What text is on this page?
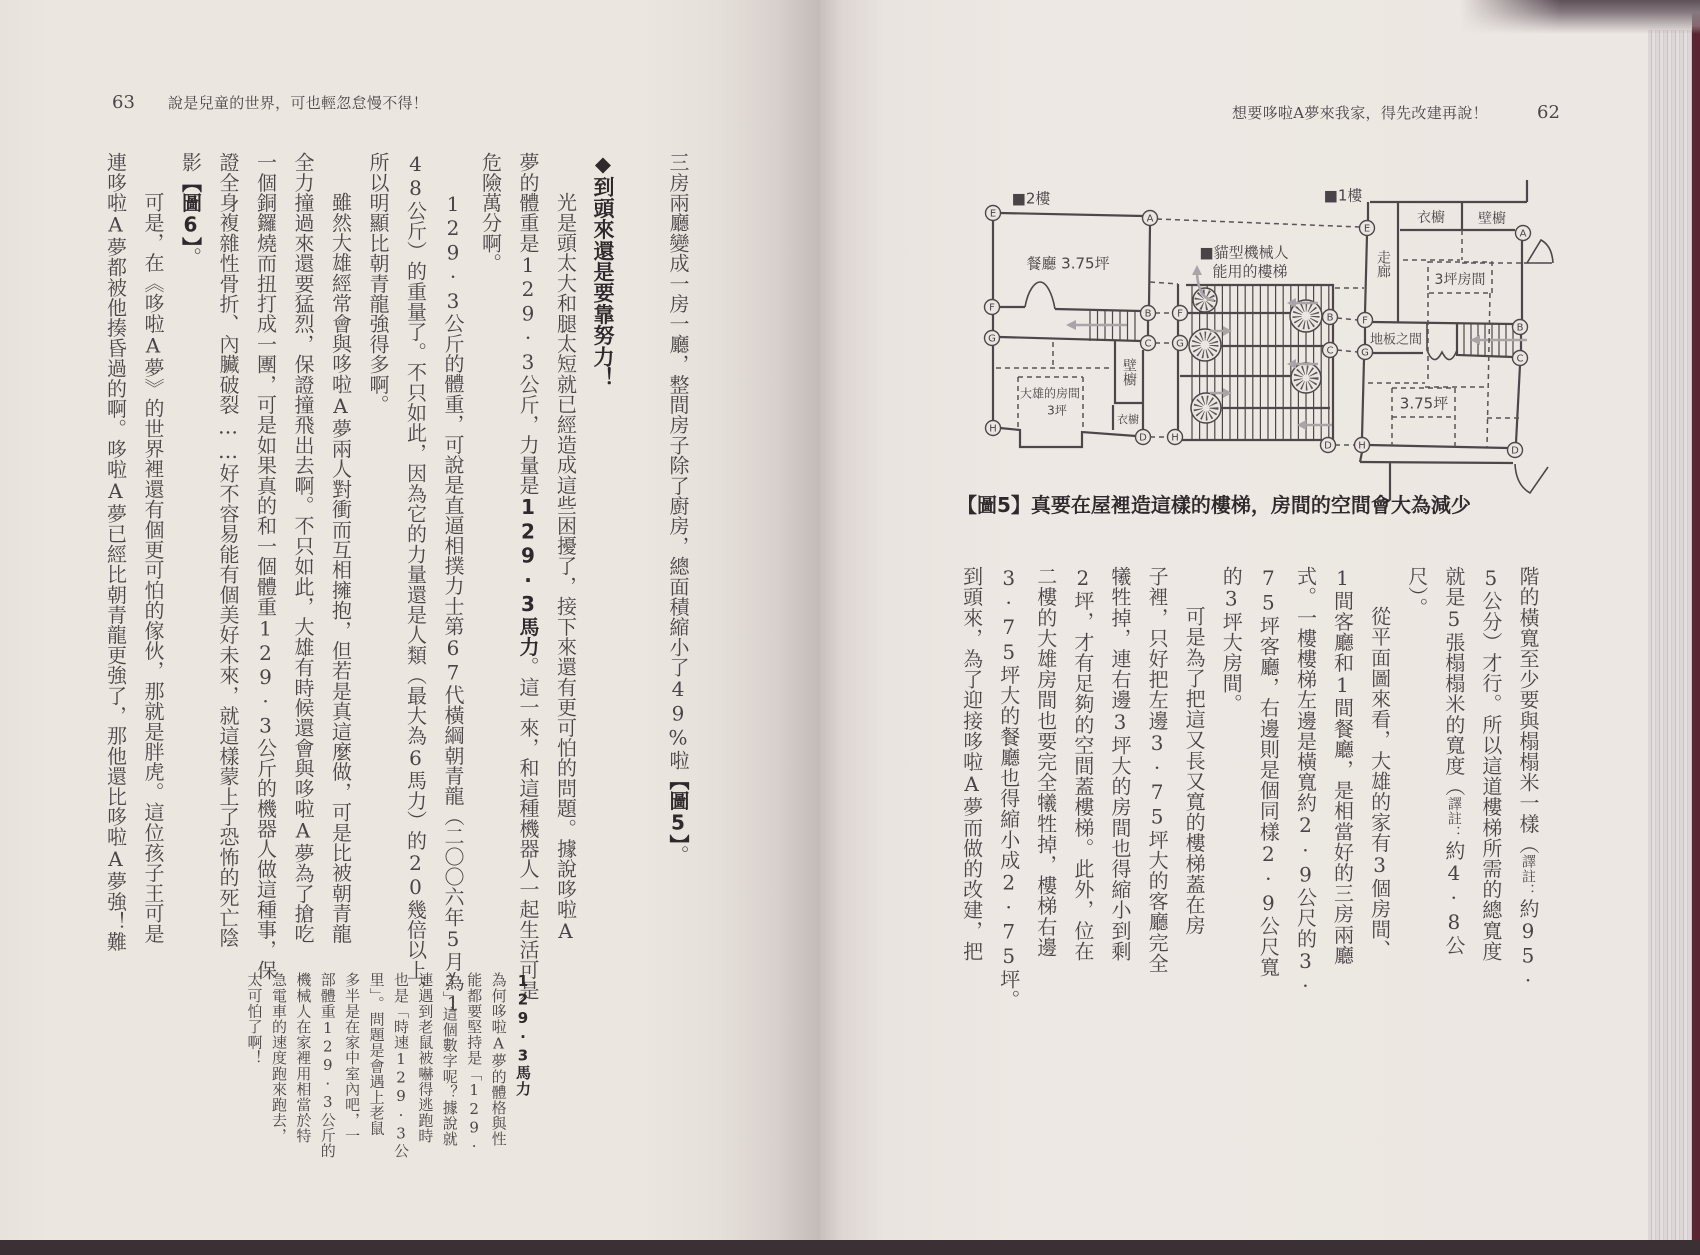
63 說是兒童的世界，可也輕忽怠慢不得！
想要哆啦A夢來我家，得先改建再說！	62
三房兩廳變成一房一廳，整間房子除了廚房，總面積縮小了49%啦【圖5】。
◆到頭來還是要靠努力！
光是頭太大和腿太短就已經造成這些困擾了，接下來還有更可怕的問題。據說哆啦A
夢的體重是129·3公斤，力量是129·3馬力。這一來，和這種機器人一起生活可是
危險萬分啊。
129·3公斤的體重，可說是直逼相撲力士第67代橫綱朝青龍（二〇〇六年5月為1
48公斤）的重量了。不只如此，因為它的力量還是人類（最大為6馬力）的20幾倍以上，
所以明顯比朝青龍強得多啊。
雖然大雄經常會與哆啦A夢兩人對衝而互相擁抱，但若是真這麼做，可是比被朝青龍
全力撞過來還要猛烈，保證撞飛出去啊。不只如此，大雄有時候還會與哆啦A夢為了搶吃
一個銅鑼燒而扭打成一團，可是如果真的和一個體重129·3公斤的機器人做這種事，保
證全身複雜性骨折、內臟破裂……好不容易能有個美好未來，就這樣蒙上了恐怖的死亡陰
影【圖6】。
可是，在《哆啦A夢》的世界裡還有個更可怕的傢伙，那就是胖虎。這位孩子王可是
連哆啦A夢都被他揍昏過的啊。哆啦A夢已經比朝青龍更強了，那他還比哆啦A夢強！難
129·3馬力
為何哆啦A夢的體格與性
能都要堅持是「129·
3」這個數字呢？據說就
連遇到老鼠被嚇得逃跑時
也是「時速129·3公
里」。問題是會遇上老鼠
多半是在家中室內吧，一
部體重129·3公斤的
機械人在家裡用相當於特
急電車的速度跑來跑去，
太可怕了啊！
E	A
F
B
G	C
H
D
F
G
H
B
C
D
E	A
F
B
G
C
H	D
■2樓	■1樓
■貓型機械人
能用的樓梯
餐廳 3.75坪
壁櫥
衣櫥
大雄的房間
3坪
走廊
衣櫥 壁櫥
3坪房間
地板之間
3.75坪
【圖5】真要在屋裡造這樣的樓梯，房間的空間會大為減少
階的橫寬至少要與榻榻米一樣（譯註：約95·
5公分）才行。所以這道樓梯所需的總寬度
就是5張榻榻米的寬度（譯註：約4·8公
尺）。
從平面圖來看，大雄的家有3個房間、
1間客廳和1間餐廳，是相當好的三房兩廳
式。一樓樓梯左邊是橫寬約2·9公尺的3·
75坪客廳，右邊則是個同樣2·9公尺寬
的3坪大房間。
可是為了把這又長又寬的樓梯蓋在房
子裡，只好把左邊3·75坪大的客廳完全
犧牲掉，連右邊3坪大的房間也得縮小到剩
2坪，才有足夠的空間蓋樓梯。此外，位在
二樓的大雄房間也要完全犧牲掉，樓梯右邊
3·75坪大的餐廳也得縮小成2·75坪。
到頭來，為了迎接哆啦A夢而做的改建，把
